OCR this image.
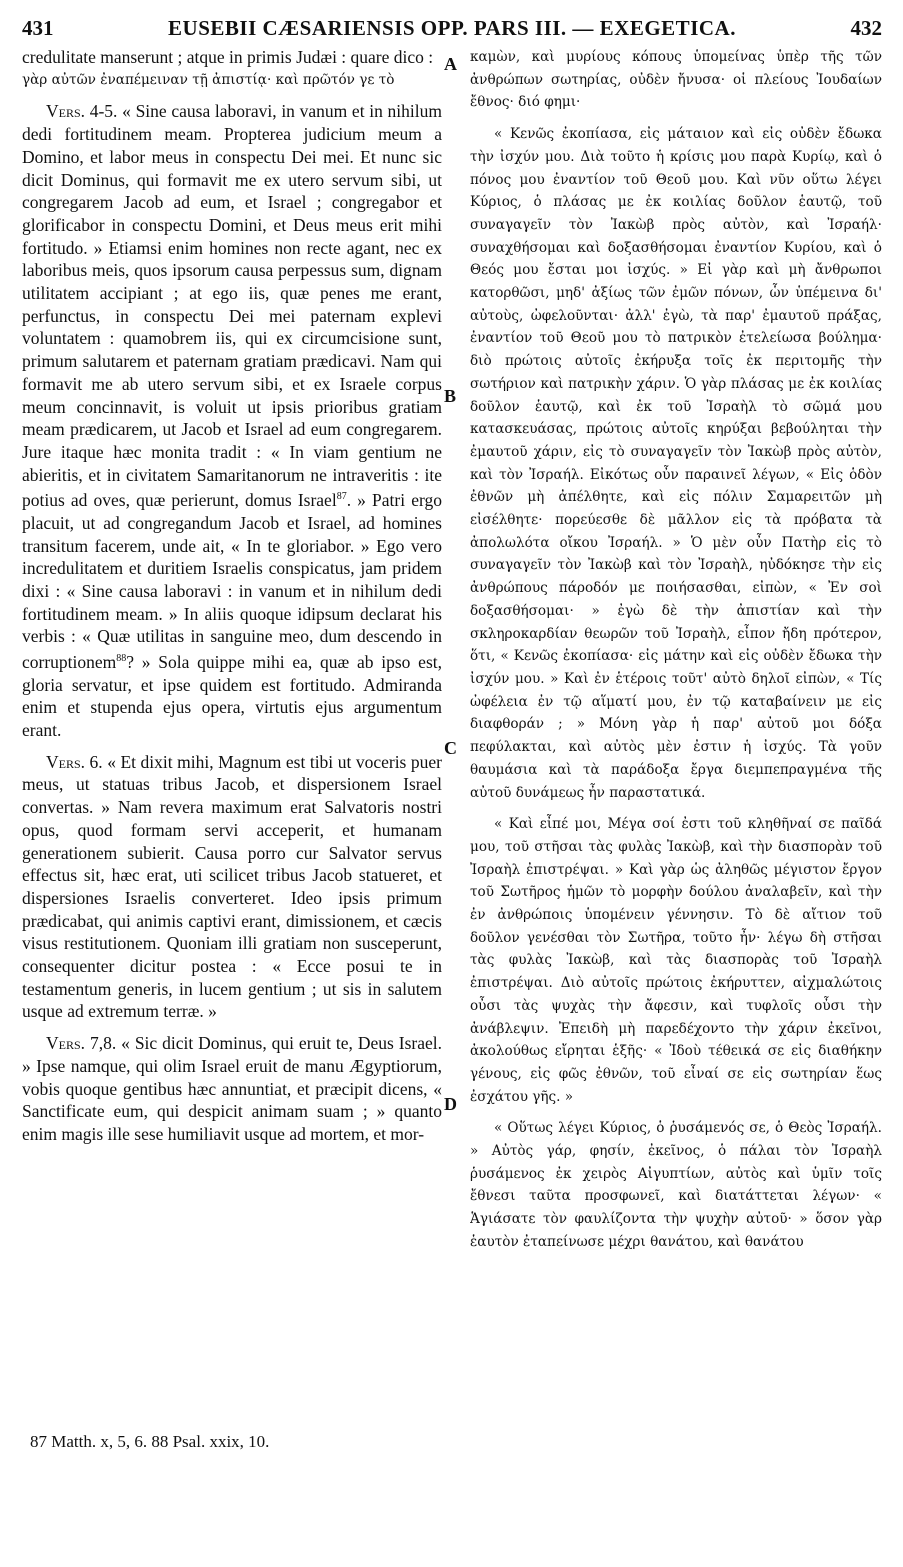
431	EUSEBII CÆSARIENSIS OPP. PARS III. — EXEGETICA.	432

credulitate manserunt ; atque in primis Judæi : quare dico :

γὰρ αὐτῶν ἐναπέμειναν τῇ ἀπιστίᾳ· καὶ πρῶτόν γε τὸ

Vers. 4-5. « Sine causa laboravi, in vanum et in nihilum dedi fortitudinem meam. Propterea judicium meum a Domino, et labor meus in conspectu Dei mei. Et nunc sic dicit Dominus, qui formavit me ex utero servum sibi, ut congregarem Jacob ad eum, et Israel ; congregabor et glorificabor in conspectu Domini, et Deus meus erit mihi fortitudo. » Etiamsi enim homines non recte agant, nec ex laboribus meis, quos ipsorum causa perpessus sum, dignam utilitatem accipiant ; at ego iis, quæ penes me erant, perfunctus, in conspectu Dei mei paternam explevi voluntatem : quamobrem iis, qui ex circumcisione sunt, primum salutarem et paternam gratiam prædicavi. Nam qui formavit me ab utero servum sibi, et ex Israele corpus meum concinnavit, is voluit ut ipsis prioribus gratiam meam prædicarem, ut Jacob et Israel ad eum congregarem. Jure itaque hæc monita tradit : « In viam gentium ne abieritis, et in civitatem Samaritanorum ne intraveritis : ite potius ad oves, quæ perierunt, domus Israel$^{87}$. » Patri ergo placuit, ut ad congregandum Jacob et Israel, ad homines transitum facerem, unde ait, « In te gloriabor. » Ego vero incredulitatem et duritiem Israelis conspicatus, jam pridem dixi : « Sine causa laboravi : in vanum et in nihilum dedi fortitudinem meam. » In aliis quoque idipsum declarat his verbis : « Quæ utilitas in sanguine meo, dum descendo in corruptionem$^{88}$? » Sola quippe mihi ea, quæ ab ipso est, gloria servatur, et ipse quidem est fortitudo. Admiranda enim et stupenda ejus opera, virtutis ejus argumentum erant.

Vers. 6. « Et dixit mihi, Magnum est tibi ut voceris puer meus, ut statuas tribus Jacob, et dispersionem Israel convertas. » Nam revera maximum erat Salvatoris nostri opus, quod formam servi acceperit, et humanam generationem subierit. Causa porro cur Salvator servus effectus sit, hæc erat, uti scilicet tribus Jacob statueret, et dispersiones Israelis converteret. Ideo ipsis primum prædicabat, qui animis captivi erant, dimissionem, et cæcis visus restitutionem. Quoniam illi gratiam non susceperunt, consequenter dicitur postea : « Ecce posui te in testamentum generis, in lucem gentium ; ut sis in salutem usque ad extremum terræ. »

Vers. 7,8. « Sic dicit Dominus, qui eruit te, Deus Israel. » Ipse namque, qui olim Israel eruit de manu Ægyptiorum, vobis quoque gentibus hæc annuntiat, et præcipit dicens, « Sanctificate eum, qui despicit animam suam ; » quanto enim magis ille sese humiliavit usque ad mortem, et mor-

A
B
C
D

καμὼν, καὶ μυρίους κόπους ὑπομείνας ὑπὲρ τῆς τῶν ἀνθρώπων σωτηρίας, οὐδὲν ἤνυσα· οἱ πλείους Ἰουδαίων ἔθνος· διό φημι·

« Κενῶς ἐκοπίασα, εἰς μάταιον καὶ εἰς οὐδὲν ἔδωκα τὴν ἰσχύν μου. Διὰ τοῦτο ἡ κρίσις μου παρὰ Κυρίῳ, καὶ ὁ πόνος μου ἐναντίον τοῦ Θεοῦ μου. Καὶ νῦν οὕτω λέγει Κύριος, ὁ πλάσας με ἐκ κοιλίας δοῦλον ἑαυτῷ, τοῦ συναγαγεῖν τὸν Ἰακὼβ πρὸς αὐτὸν, καὶ Ἰσραήλ· συναχθήσομαι καὶ δοξασθήσομαι ἐναντίον Κυρίου, καὶ ὁ Θεός μου ἔσται μοι ἰσχύς. » Εἰ γὰρ καὶ μὴ ἄνθρωποι κατορθῶσι, μηδ' ἀξίως τῶν ἐμῶν πόνων, ὧν ὑπέμεινα δι' αὐτοὺς, ὠφελοῦνται· ἀλλ' ἐγὼ, τὰ παρ' ἐμαυτοῦ πράξας, ἐναντίον τοῦ Θεοῦ μου τὸ πατρικὸν ἐτελείωσα βούλημα· διὸ πρώτοις αὐτοῖς ἐκήρυξα τοῖς ἐκ περιτομῆς τὴν σωτήριον καὶ πατρικὴν χάριν. Ὁ γὰρ πλάσας με ἐκ κοιλίας δοῦλον ἑαυτῷ, καὶ ἐκ τοῦ Ἰσραὴλ τὸ σῶμά μου κατασκευάσας, πρώτοις αὐτοῖς κηρύξαι βεβούληται τὴν ἐμαυτοῦ χάριν, εἰς τὸ συναγαγεῖν τὸν Ἰακὼβ πρὸς αὐτὸν, καὶ τὸν Ἰσραήλ. Εἰκότως οὖν παραινεῖ λέγων, « Εἰς ὁδὸν ἐθνῶν μὴ ἀπέλθητε, καὶ εἰς πόλιν Σαμαρειτῶν μὴ εἰσέλθητε· πορεύεσθε δὲ μᾶλλον εἰς τὰ πρόβατα τὰ ἀπολωλότα οἴκου Ἰσραήλ. » Ὁ μὲν οὖν Πατὴρ εἰς τὸ συναγαγεῖν τὸν Ἰακὼβ καὶ τὸν Ἰσραὴλ, ηὐδόκησε τὴν εἰς ἀνθρώπους πάροδόν με ποιήσασθαι, εἰπὼν, « Ἐν σοὶ δοξασθήσομαι· » ἐγὼ δὲ τὴν ἀπιστίαν καὶ τὴν σκληροκαρδίαν θεωρῶν τοῦ Ἰσραὴλ, εἶπον ἤδη πρότερον, ὅτι, « Κενῶς ἐκοπίασα· εἰς μάτην καὶ εἰς οὐδὲν ἔδωκα τὴν ἰσχύν μου. » Καὶ ἐν ἑτέροις τοῦτ' αὐτὸ δηλοῖ εἰπὼν, « Τίς ὠφέλεια ἐν τῷ αἵματί μου, ἐν τῷ καταβαίνειν με εἰς διαφθοράν ; » Μόνη γὰρ ἡ παρ' αὐτοῦ μοι δόξα πεφύλακται, καὶ αὐτὸς μὲν ἐστιν ἡ ἰσχύς. Τὰ γοῦν θαυμάσια καὶ τὰ παράδοξα ἔργα διεμπεπραγμένα τῆς αὐτοῦ δυνάμεως ἦν παραστατικά.

« Καὶ εἶπέ μοι, Μέγα σοί ἐστι τοῦ κληθῆναί σε παῖδά μου, τοῦ στῆσαι τὰς φυλὰς Ἰακὼβ, καὶ τὴν διασπορὰν τοῦ Ἰσραὴλ ἐπιστρέψαι. » Καὶ γὰρ ὡς ἀληθῶς μέγιστον ἔργον τοῦ Σωτῆρος ἡμῶν τὸ μορφὴν δούλου ἀναλαβεῖν, καὶ τὴν ἐν ἀνθρώποις ὑπομένειν γέννησιν. Τὸ δὲ αἴτιον τοῦ δοῦλον γενέσθαι τὸν Σωτῆρα, τοῦτο ἦν· λέγω δὴ στῆσαι τὰς φυλὰς Ἰακὼβ, καὶ τὰς διασπορὰς τοῦ Ἰσραὴλ ἐπιστρέψαι. Διὸ αὐτοῖς πρώτοις ἐκήρυττεν, αἰχμαλώτοις οὖσι τὰς ψυχὰς τὴν ἄφεσιν, καὶ τυφλοῖς οὖσι τὴν ἀνάβλεψιν. Ἐπειδὴ μὴ παρεδέχοντο τὴν χάριν ἐκεῖνοι, ἀκολούθως εἴρηται ἑξῆς· « Ἰδοὺ τέθεικά σε εἰς διαθήκην γένους, εἰς φῶς ἐθνῶν, τοῦ εἶναί σε εἰς σωτηρίαν ἕως ἐσχάτου γῆς. »

« Οὕτως λέγει Κύριος, ὁ ῥυσάμενός σε, ὁ Θεὸς Ἰσραήλ. » Αὐτὸς γάρ, φησίν, ἐκεῖνος, ὁ πάλαι τὸν Ἰσραὴλ ῥυσάμενος ἐκ χειρὸς Αἰγυπτίων, αὐτὸς καὶ ὑμῖν τοῖς ἔθνεσι ταῦτα προσφωνεῖ, καὶ διατάττεται λέγων· « Ἁγιάσατε τὸν φαυλίζοντα τὴν ψυχὴν αὐτοῦ· » ὅσον γὰρ ἑαυτὸν ἐταπείνωσε μέχρι θανάτου, καὶ θανάτου

87 Matth. x, 5, 6. 88 Psal. xxix, 10.
